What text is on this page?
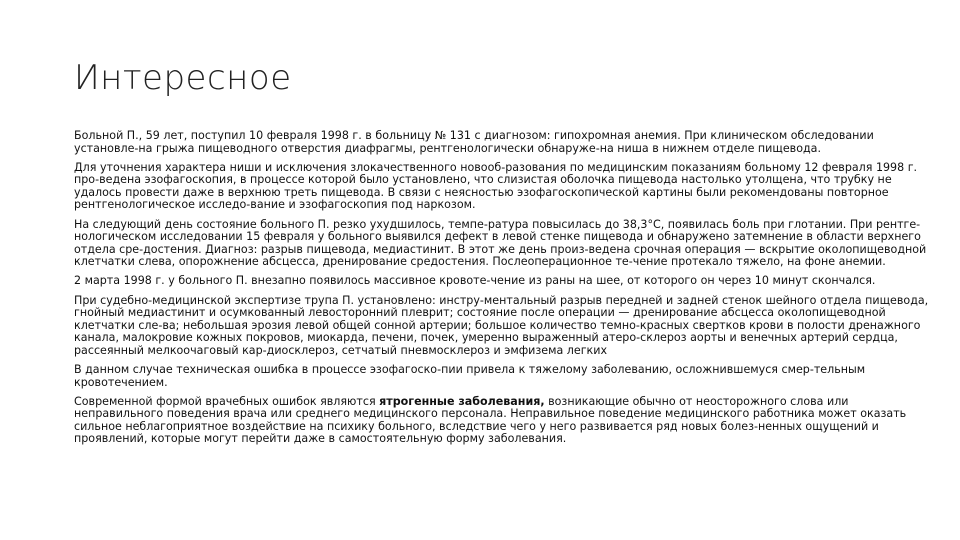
Интересное

Больной П., 59 лет, поступил 10 февраля 1998 г. в больницу № 131 с диагнозом: гипохромная анемия. При клиническом обследовании установле-на грыжа пищеводного отверстия диафрагмы, рентгенологически обнаруже-на ниша в нижнем отделе пищевода.

Для уточнения характера ниши и исключения злокачественного новооб-разования по медицинским показаниям больному 12 февраля 1998 г. про-ведена эзофагоскопия, в процессе которой было установлено, что слизистая оболочка пищевода настолько утолщена, что трубку не удалось провести даже в верхнюю треть пищевода. В связи с неясностью эзофагоскопической картины были рекомендованы повторное рентгенологическое исследо-вание и эзофагоскопия под наркозом.

На следующий день состояние больного П. резко ухудшилось, темпе-ратура повысилась до 38,3°С, появилась боль при глотании. При рентге-нологическом исследовании 15 февраля у больного выявился дефект в левой стенке пищевода и обнаружено затемнение в области верхнего отдела сре-достения. Диагноз: разрыв пищевода, медиастинит. В этот же день произ-ведена срочная операция — вскрытие околопищеводной клетчатки слева, опорожнение абсцесса, дренирование средостения. Послеоперационное те-чение протекало тяжело, на фоне анемии.

2 марта 1998 г. у больного П. внезапно появилось массивное кровоте-чение из раны на шее, от которого он через 10 минут скончался.

При судебно-медицинской экспертизе трупа П. установлено: инстру-ментальный разрыв передней и задней стенок шейного отдела пищевода, гнойный медиастинит и осумкованный левосторонний плеврит; состояние после операции — дренирование абсцесса околопищеводной клетчатки сле-ва; небольшая эрозия левой общей сонной артерии; большое количество темно-красных свертков крови в полости дренажного канала, малокровие кожных покровов, миокарда, печени, почек, умеренно выраженный атеро-склероз аорты и венечных артерий сердца, рассеянный мелкоочаговый кар-диосклероз, сетчатый пневмосклероз и эмфизема легких

В данном случае техническая ошибка в процессе эзофагоско-пии привела к тяжелому заболеванию, осложнившемуся смер-тельным кровотечением.

Современной формой врачебных ошибок являются ятрогенные заболевания, возникающие обычно от неосторожного слова или неправильного поведения врача или среднего медицинского персонала. Неправильное поведение медицинского работника может оказать сильное неблагоприятное воздействие на психику больного, вследствие чего у него развивается ряд новых болез-ненных ощущений и проявлений, которые могут перейти даже в самостоятельную форму заболевания.
